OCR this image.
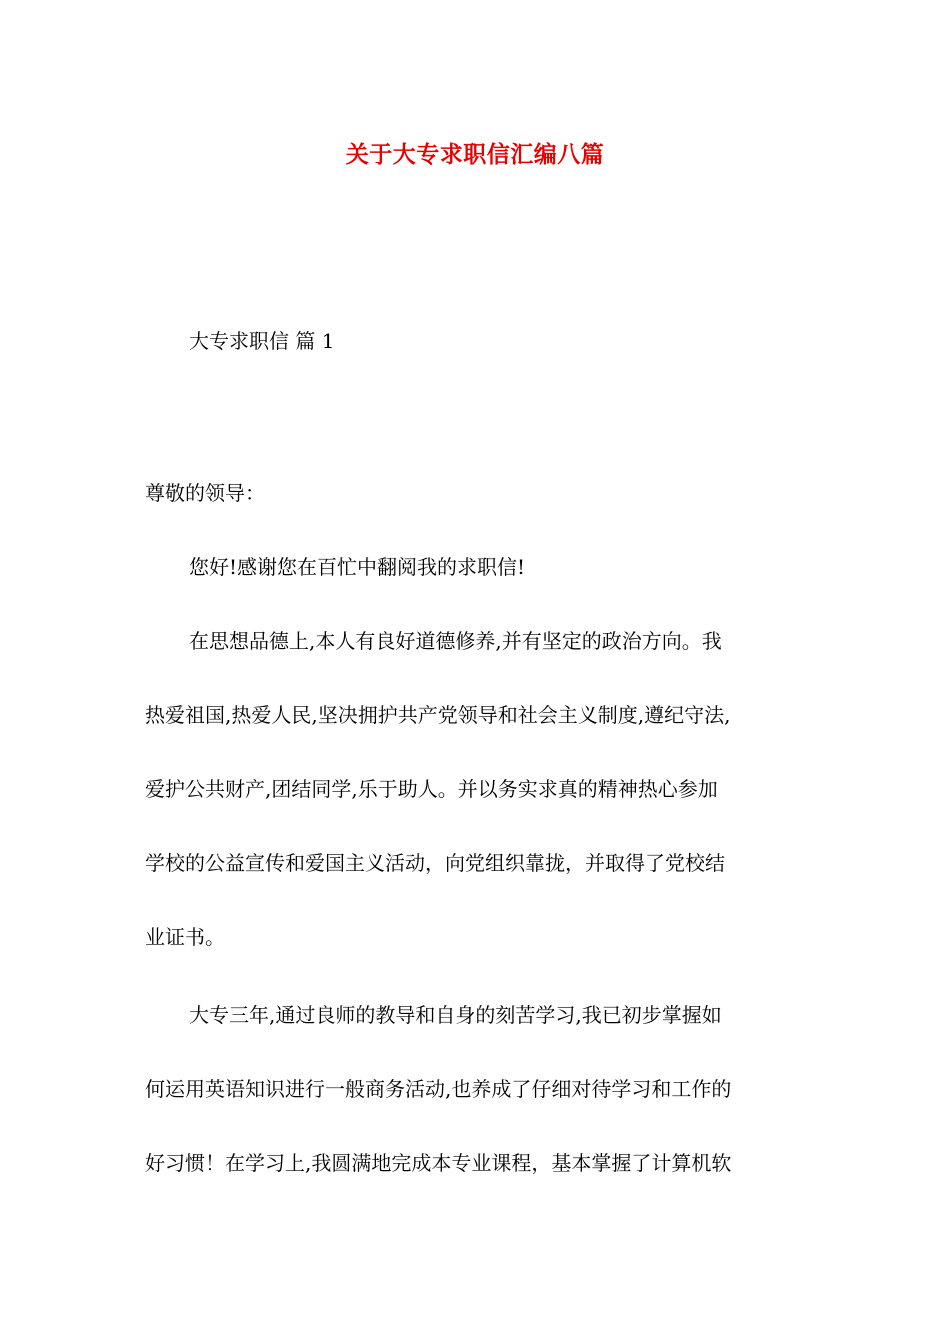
关于大专求职信汇编八篇

大专求职信 篇 1

尊敬的领导：

您好!感谢您在百忙中翻阅我的求职信!

在思想品德上,本人有良好道德修养,并有坚定的政治方向。我

热爱祖国,热爱人民,坚决拥护共产党领导和社会主义制度,遵纪守法,

爱护公共财产,团结同学,乐于助人。并以务实求真的精神热心参加

学校的公益宣传和爱国主义活动，向党组织靠拢，并取得了党校结

业证书。

大专三年,通过良师的教导和自身的刻苦学习,我已初步掌握如

何运用英语知识进行一般商务活动,也养成了仔细对待学习和工作的

好习惯！在学习上,我圆满地完成本专业课程，基本掌握了计算机软
